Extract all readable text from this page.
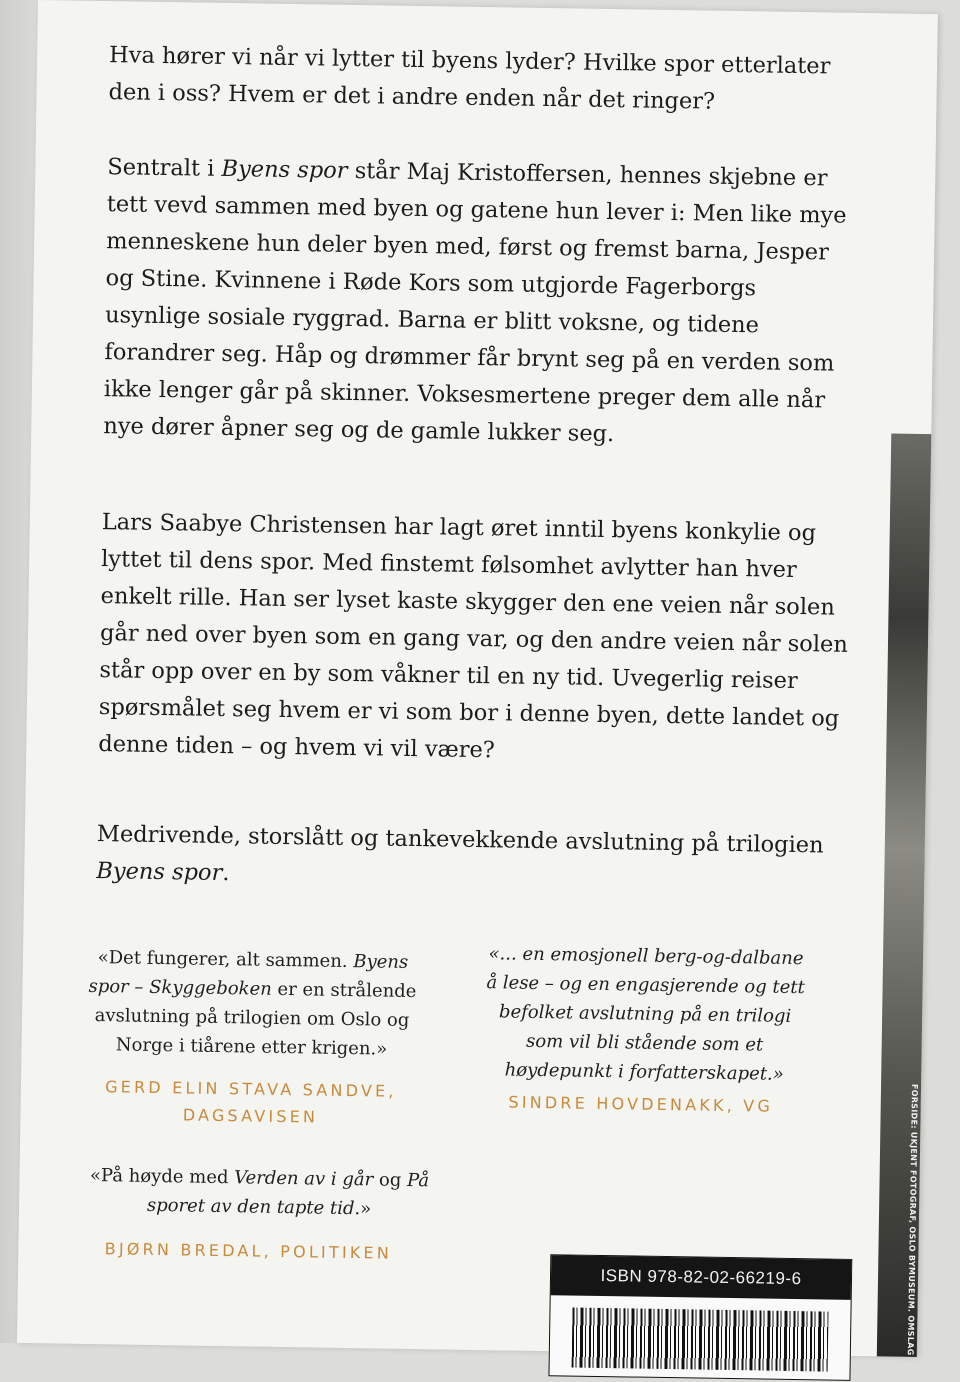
FORSIDE: UKJENT FOTOGRAF, OSLO BYMUSEUM. OMSLAG

Hva hører vi når vi lytter til byens lyder? Hvilke spor etterlater den i oss? Hvem er det i andre enden når det ringer?

Sentralt i Byens spor står Maj Kristoffersen, hennes skjebne er tett vevd sammen med byen og gatene hun lever i: Men like mye menneskene hun deler byen med, først og fremst barna, Jesper og Stine. Kvinnene i Røde Kors som utgjorde Fagerborgs usynlige sosiale ryggrad. Barna er blitt voksne, og tidene forandrer seg. Håp og drømmer får brynt seg på en verden som ikke lenger går på skinner. Voksesmertene preger dem alle når nye dører åpner seg og de gamle lukker seg.

Lars Saabye Christensen har lagt øret inntil byens konkylie og lyttet til dens spor. Med finstemt følsomhet avlytter han hver enkelt rille. Han ser lyset kaste skygger den ene veien når solen går ned over byen som en gang var, og den andre veien når solen står opp over en by som våkner til en ny tid. Uvegerlig reiser spørsmålet seg hvem er vi som bor i denne byen, dette landet og denne tiden – og hvem vi vil være?

Medrivende, storslått og tankevekkende avslutning på trilogien Byens spor.

«Det fungerer, alt sammen. Byens spor – Skyggeboken er en strålende avslutning på trilogien om Oslo og Norge i tiårene etter krigen.»

GERD ELIN STAVA SANDVE,
DAGSAVISEN

«... en emosjonell berg-og-dalbane å lese – og en engasjerende og tett befolket avslutning på en trilogi som vil bli stående som et høydepunkt i forfatterskapet.»

SINDRE HOVDENAKK, VG

«På høyde med Verden av i går og På sporet av den tapte tid.»

BJØRN BREDAL, POLITIKEN

ISBN 978-82-02-66219-6
